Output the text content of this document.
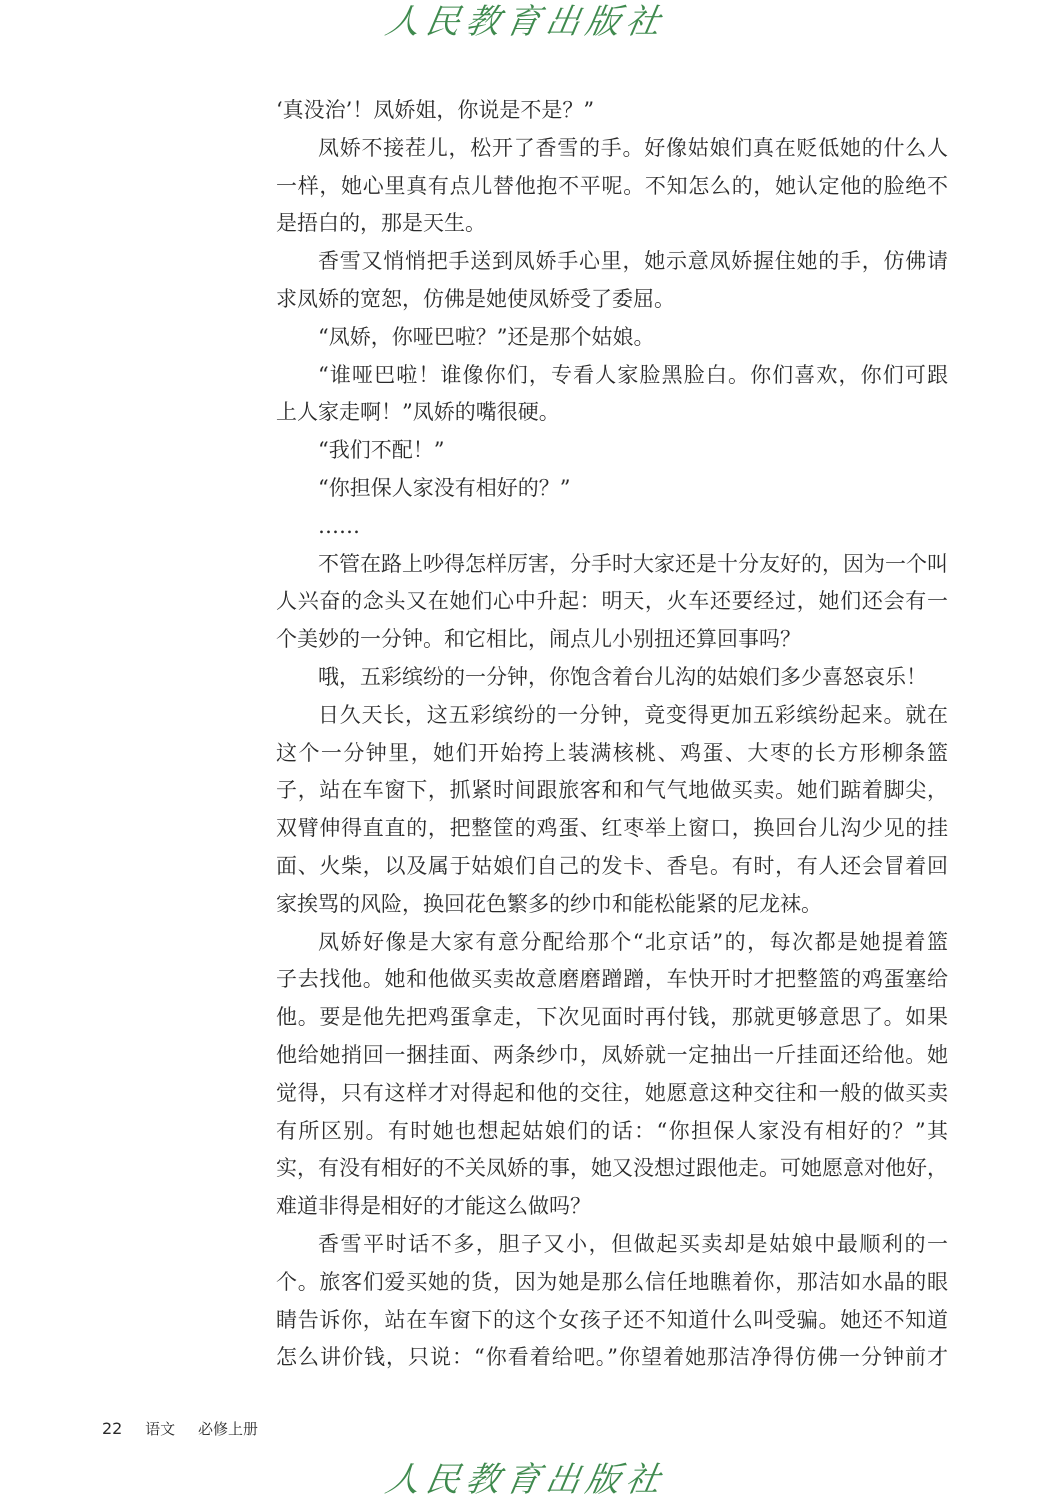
人民教育出版社
‘真没治’！凤娇姐，你说是不是？”
凤娇不接茬儿，松开了香雪的手。好像姑娘们真在贬低她的什么人
一样，她心里真有点儿替他抱不平呢。不知怎么的，她认定他的脸绝不
是捂白的，那是天生。
香雪又悄悄把手送到凤娇手心里，她示意凤娇握住她的手，仿佛请
求凤娇的宽恕，仿佛是她使凤娇受了委屈。
“凤娇，你哑巴啦？”还是那个姑娘。
“谁哑巴啦！谁像你们，专看人家脸黑脸白。你们喜欢，你们可跟
上人家走啊！”凤娇的嘴很硬。
“我们不配！”
“你担保人家没有相好的？”
……
不管在路上吵得怎样厉害，分手时大家还是十分友好的，因为一个叫
人兴奋的念头又在她们心中升起：明天，火车还要经过，她们还会有一
个美妙的一分钟。和它相比，闹点儿小别扭还算回事吗？
哦，五彩缤纷的一分钟，你饱含着台儿沟的姑娘们多少喜怒哀乐！
日久天长，这五彩缤纷的一分钟，竟变得更加五彩缤纷起来。就在
这个一分钟里，她们开始挎上装满核桃、鸡蛋、大枣的长方形柳条篮
子，站在车窗下，抓紧时间跟旅客和和气气地做买卖。她们踮着脚尖，
双臂伸得直直的，把整筐的鸡蛋、红枣举上窗口，换回台儿沟少见的挂
面、火柴，以及属于姑娘们自己的发卡、香皂。有时，有人还会冒着回
家挨骂的风险，换回花色繁多的纱巾和能松能紧的尼龙袜。
凤娇好像是大家有意分配给那个“北京话”的，每次都是她提着篮
子去找他。她和他做买卖故意磨磨蹭蹭，车快开时才把整篮的鸡蛋塞给
他。要是他先把鸡蛋拿走，下次见面时再付钱，那就更够意思了。如果
他给她捎回一捆挂面、两条纱巾，凤娇就一定抽出一斤挂面还给他。她
觉得，只有这样才对得起和他的交往，她愿意这种交往和一般的做买卖
有所区别。有时她也想起姑娘们的话：“你担保人家没有相好的？”其
实，有没有相好的不关凤娇的事，她又没想过跟他走。可她愿意对他好，
难道非得是相好的才能这么做吗？
香雪平时话不多，胆子又小，但做起买卖却是姑娘中最顺利的一
个。旅客们爱买她的货，因为她是那么信任地瞧着你，那洁如水晶的眼
睛告诉你，站在车窗下的这个女孩子还不知道什么叫受骗。她还不知道
怎么讲价钱，只说：“你看着给吧。”你望着她那洁净得仿佛一分钟前才
22 语文 必修上册
人民教育出版社
